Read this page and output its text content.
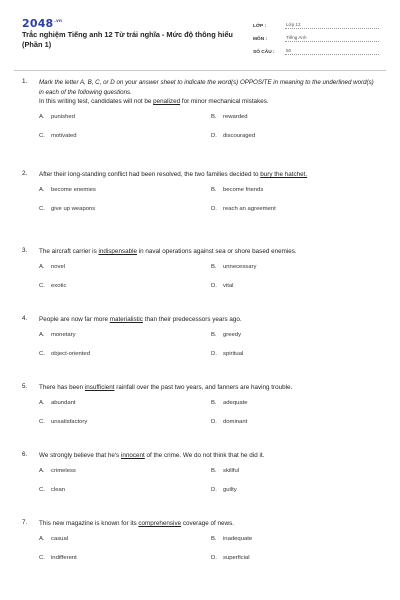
$2048^{.vn}$
Trắc nghiệm Tiếng anh 12 Từ trái nghĩa - Mức độ thông hiểu (Phần 1)
LỚP :	Lớp 12
MÔN :	Tiếng Anh
SỐ CÂU :	50
1. Mark the letter A, B, C, or D on your answer sheet to indicate the word(s) OPPOSITE in meaning to the underlined word(s) in each of the following questions.
In this writing test, candidates will not be penalized for minor mechanical mistakes.
A.	punished	B.	rewarded
C.	motivated	D.	discouraged
2. After their long-standing conflict had been resolved, the two families decided to bury the hatchet.
A.	become enemies	B.	become friends
C.	give up weapons	D.	reach an agreement
3. The aircraft carrier is indispensable in naval operations against sea or shore based enemies.
A.	novel	B.	unnecessary
C.	exotic	D.	vital
4. People are now far more materialistic than their predecessors years ago.
A.	monetary	B.	greedy
C.	object-oriented	D.	spiritual
5. There has been insufficient rainfall over the past two years, and fanners are having trouble.
A.	abundant	B.	adequate
C.	unsatisfactory	D.	dominant
6. We strongly believe that he's innocent of the crime. We do not think that he did it.
A.	crimeless	B.	skillful
C.	clean	D.	guilty
7. This new magazine is known for its comprehensive coverage of news.
A.	casual	B.	inadequate
C.	indifferent	D.	superficial
